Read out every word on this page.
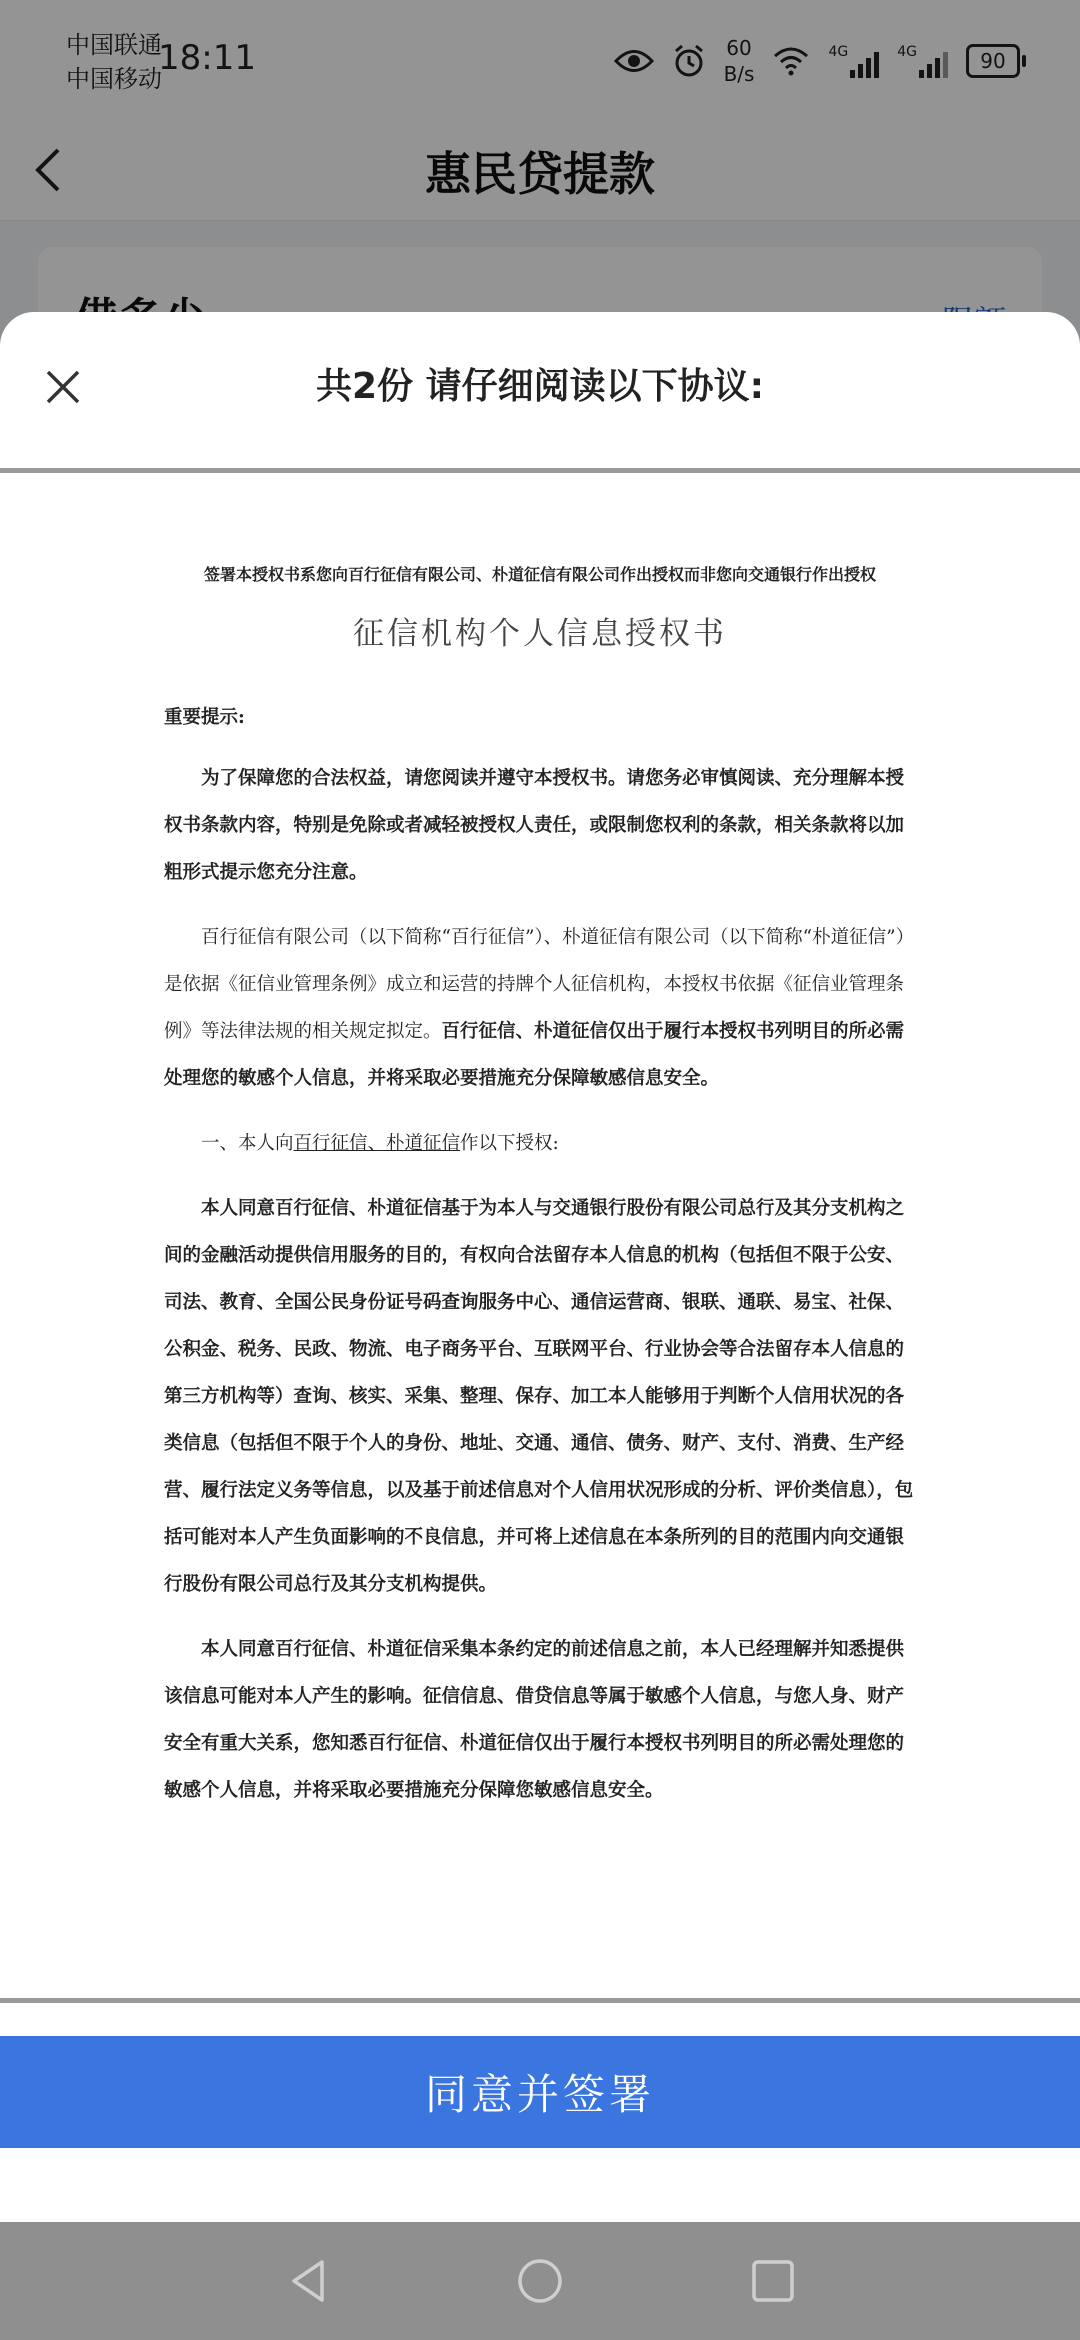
中国联通
中国移动
18:11	60
B/s
4G	4G	90
惠民贷提款
共2份 请仔细阅读以下协议:
签署本授权书系您向百行征信有限公司、朴道征信有限公司作出授权而非您向交通银行作出授权
征信机构个人信息授权书

重要提示:

为了保障您的合法权益，请您阅读并遵守本授权书。请您务必审慎阅读、充分理解本授权书条款内容，特别是免除或者减轻被授权人责任，或限制您权利的条款，相关条款将以加粗形式提示您充分注意。

百行征信有限公司（以下简称“百行征信”）、朴道征信有限公司（以下简称“朴道征信”）是依据《征信业管理条例》成立和运营的持牌个人征信机构，本授权书依据《征信业管理条例》等法律法规的相关规定拟定。百行征信、朴道征信仅出于履行本授权书列明目的所必需处理您的敏感个人信息，并将采取必要措施充分保障敏感信息安全。

一、本人向百行征信、朴道征信作以下授权:

本人同意百行征信、朴道征信基于为本人与交通银行股份有限公司总行及其分支机构之间的金融活动提供信用服务的目的，有权向合法留存本人信息的机构（包括但不限于公安、司法、教育、全国公民身份证号码查询服务中心、通信运营商、银联、通联、易宝、社保、公积金、税务、民政、物流、电子商务平台、互联网平台、行业协会等合法留存本人信息的第三方机构等）查询、核实、采集、整理、保存、加工本人能够用于判断个人信用状况的各类信息（包括但不限于个人的身份、地址、交通、通信、债务、财产、支付、消费、生产经营、履行法定义务等信息，以及基于前述信息对个人信用状况形成的分析、评价类信息），包括可能对本人产生负面影响的不良信息，并可将上述信息在本条所列的目的范围内向交通银行股份有限公司总行及其分支机构提供。

本人同意百行征信、朴道征信采集本条约定的前述信息之前，本人已经理解并知悉提供该信息可能对本人产生的影响。征信信息、借贷信息等属于敏感个人信息，与您人身、财产安全有重大关系，您知悉百行征信、朴道征信仅出于履行本授权书列明目的所必需处理您的敏感个人信息，并将采取必要措施充分保障您敏感信息安全。

同意并签署
